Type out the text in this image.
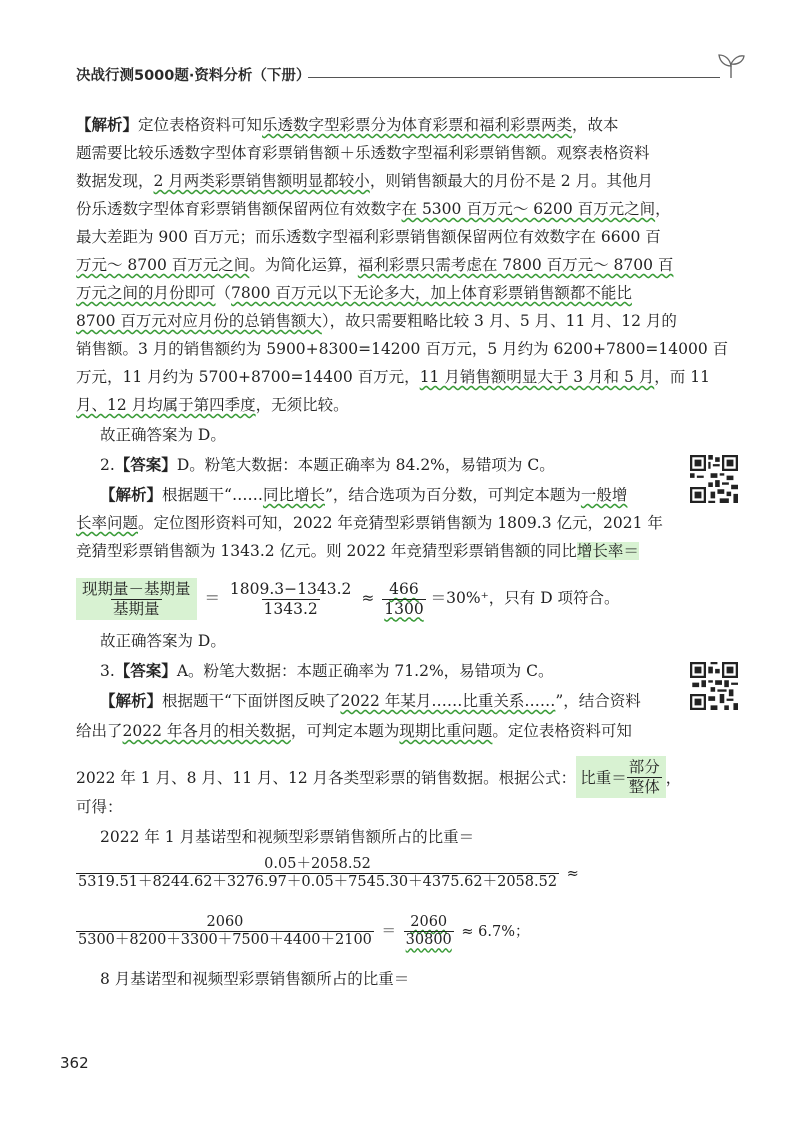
决战行测5000题·资料分析（下册）
【解析】定位表格资料可知乐透数字型彩票分为体育彩票和福利彩票两类，故本
题需要比较乐透数字型体育彩票销售额＋乐透数字型福利彩票销售额。观察表格资料
数据发现，2 月两类彩票销售额明显都较小，则销售额最大的月份不是 2 月。其他月
份乐透数字型体育彩票销售额保留两位有效数字在 5300 百万元～ 6200 百万元之间，
最大差距为 900 百万元；而乐透数字型福利彩票销售额保留两位有效数字在 6600 百
万元～ 8700 百万元之间。为简化运算，福利彩票只需考虑在 7800 百万元～ 8700 百
万元之间的月份即可（7800 百万元以下无论多大，加上体育彩票销售额都不能比
8700 百万元对应月份的总销售额大），故只需要粗略比较 3 月、5 月、11 月、12 月的
销售额。3 月的销售额约为 5900+8300=14200 百万元，5 月约为 6200+7800=14000 百
万元，11 月约为 5700+8700=14400 百万元，11 月销售额明显大于 3 月和 5 月，而 11
月、12 月均属于第四季度，无须比较。
故正确答案为 D。
2.【答案】D。粉笔大数据：本题正确率为 84.2%，易错项为 C。
【解析】根据题干“……同比增长”，结合选项为百分数，可判定本题为一般增
长率问题。定位图形资料可知，2022 年竞猜型彩票销售额为 1809.3 亿元，2021 年
竞猜型彩票销售额为 1343.2 亿元。则 2022 年竞猜型彩票销售额的同比增长率＝
$\frac{\text{现期量－基期量}}{\text{基期量}} = \frac{1809.3-1343.2}{1343.2} \approx \frac{466}{1300} =30\%^+$，只有 D 项符合。
故正确答案为 D。
3.【答案】A。粉笔大数据：本题正确率为 71.2%，易错项为 C。
【解析】根据题干“下面饼图反映了2022 年某月……比重关系……”，结合资料
给出了2022 年各月的相关数据，可判定本题为现期比重问题。定位表格资料可知
2022 年 1 月、8 月、11 月、12 月各类型彩票的销售数据。根据公式： 比重＝ $\frac{\text{部分}}{\text{整体}}$ ，
可得：
2022 年 1 月基诺型和视频型彩票销售额所占的比重＝
$\frac{0.05+2058.52}{5319.51+8244.62+3276.97+0.05+7545.30+4375.62+2058.52}$ ≈
$\frac{2060}{5300+8200+3300+7500+4400+2100} = \frac{2060}{30800} \approx 6.7\%$；
8 月基诺型和视频型彩票销售额所占的比重＝
362
